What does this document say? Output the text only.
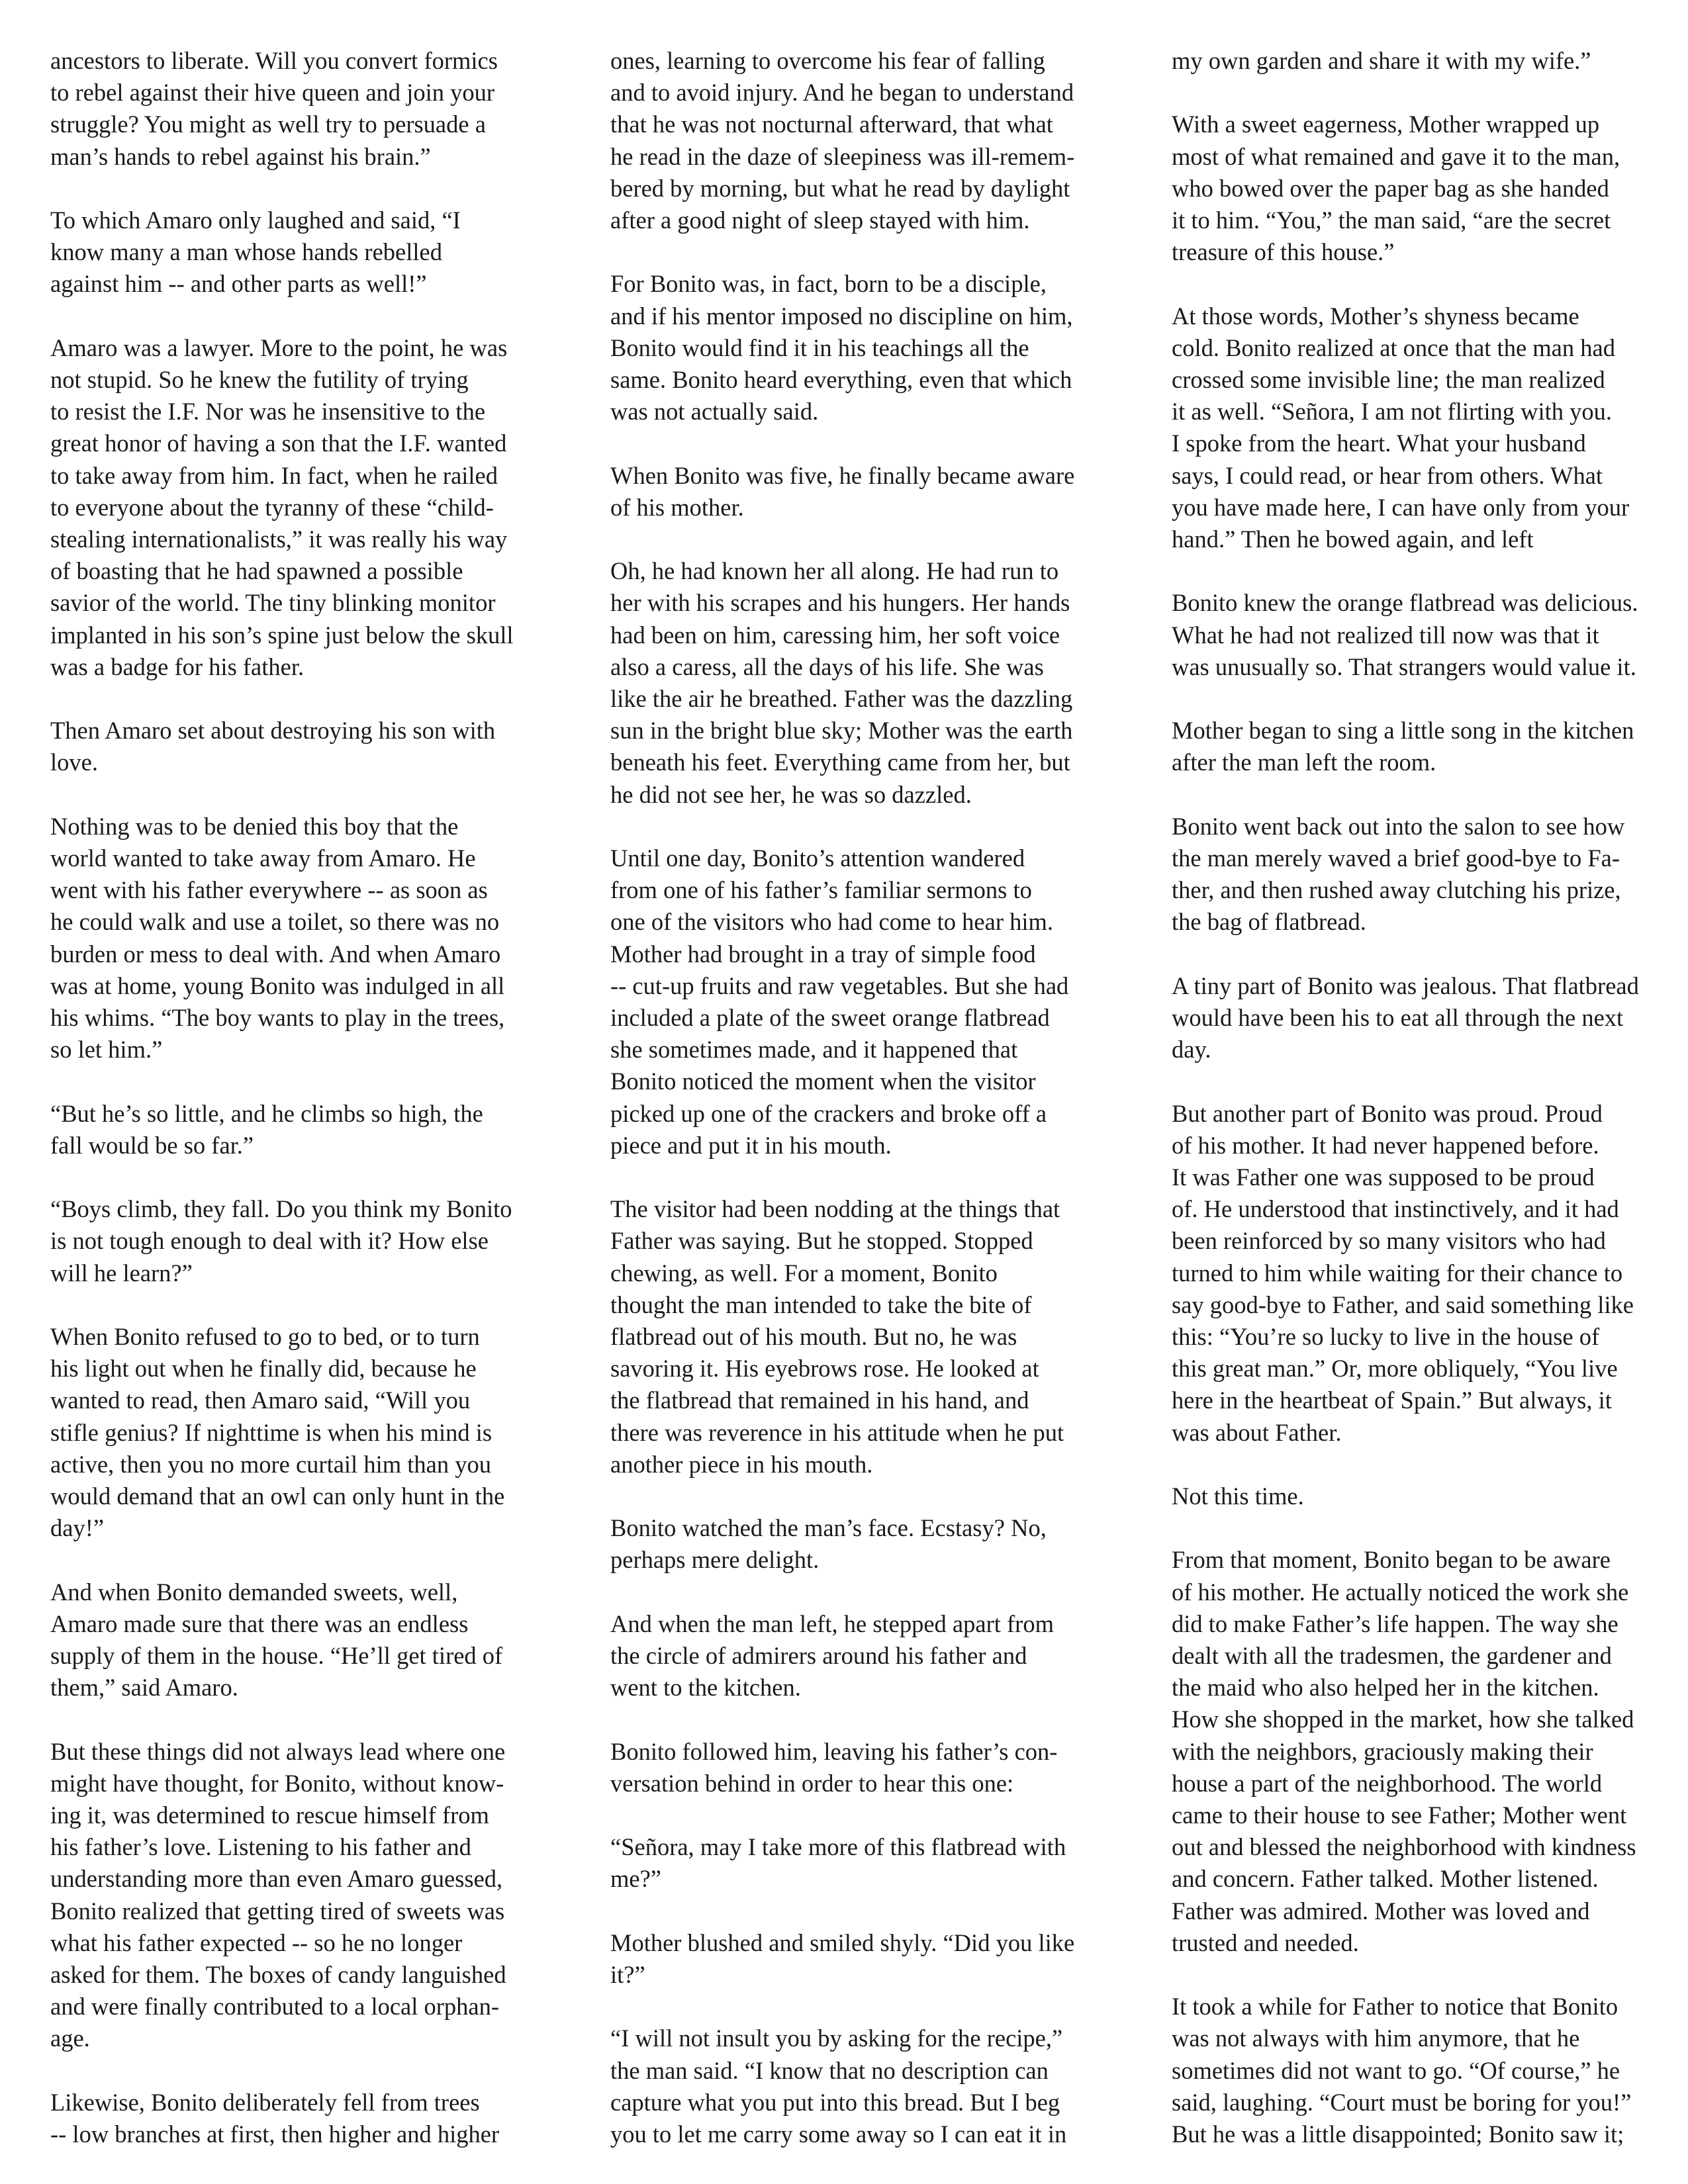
ancestors to liberate. Will you convert formics
to rebel against their hive queen and join your
struggle? You might as well try to persuade a
man’s hands to rebel against his brain.”

To which Amaro only laughed and said, “I
know many a man whose hands rebelled
against him -- and other parts as well!”

Amaro was a lawyer. More to the point, he was
not stupid. So he knew the futility of trying
to resist the I.F. Nor was he insensitive to the
great honor of having a son that the I.F. wanted
to take away from him. In fact, when he railed
to everyone about the tyranny of these “child-
stealing internationalists,” it was really his way
of boasting that he had spawned a possible
savior of the world. The tiny blinking monitor
implanted in his son’s spine just below the skull
was a badge for his father.

Then Amaro set about destroying his son with
love.

Nothing was to be denied this boy that the
world wanted to take away from Amaro. He
went with his father everywhere -- as soon as
he could walk and use a toilet, so there was no
burden or mess to deal with. And when Amaro
was at home, young Bonito was indulged in all
his whims. “The boy wants to play in the trees,
so let him.”

“But he’s so little, and he climbs so high, the
fall would be so far.”

“Boys climb, they fall. Do you think my Bonito
is not tough enough to deal with it? How else
will he learn?”

When Bonito refused to go to bed, or to turn
his light out when he finally did, because he
wanted to read, then Amaro said, “Will you
stifle genius? If nighttime is when his mind is
active, then you no more curtail him than you
would demand that an owl can only hunt in the
day!”

And when Bonito demanded sweets, well,
Amaro made sure that there was an endless
supply of them in the house. “He’ll get tired of
them,” said Amaro.

But these things did not always lead where one
might have thought, for Bonito, without know-
ing it, was determined to rescue himself from
his father’s love. Listening to his father and
understanding more than even Amaro guessed,
Bonito realized that getting tired of sweets was
what his father expected -- so he no longer
asked for them. The boxes of candy languished
and were finally contributed to a local orphan-
age.

Likewise, Bonito deliberately fell from trees
-- low branches at first, then higher and higher

ones, learning to overcome his fear of falling
and to avoid injury. And he began to understand
that he was not nocturnal afterward, that what
he read in the daze of sleepiness was ill-remem-
bered by morning, but what he read by daylight
after a good night of sleep stayed with him.

For Bonito was, in fact, born to be a disciple,
and if his mentor imposed no discipline on him,
Bonito would find it in his teachings all the
same. Bonito heard everything, even that which
was not actually said.

When Bonito was five, he finally became aware
of his mother.

Oh, he had known her all along. He had run to
her with his scrapes and his hungers. Her hands
had been on him, caressing him, her soft voice
also a caress, all the days of his life. She was
like the air he breathed. Father was the dazzling
sun in the bright blue sky; Mother was the earth
beneath his feet. Everything came from her, but
he did not see her, he was so dazzled.

Until one day, Bonito’s attention wandered
from one of his father’s familiar sermons to
one of the visitors who had come to hear him.
Mother had brought in a tray of simple food
-- cut-up fruits and raw vegetables. But she had
included a plate of the sweet orange flatbread
she sometimes made, and it happened that
Bonito noticed the moment when the visitor
picked up one of the crackers and broke off a
piece and put it in his mouth.

The visitor had been nodding at the things that
Father was saying. But he stopped. Stopped
chewing, as well. For a moment, Bonito
thought the man intended to take the bite of
flatbread out of his mouth. But no, he was
savoring it. His eyebrows rose. He looked at
the flatbread that remained in his hand, and
there was reverence in his attitude when he put
another piece in his mouth.

Bonito watched the man’s face. Ecstasy? No,
perhaps mere delight.

And when the man left, he stepped apart from
the circle of admirers around his father and
went to the kitchen.

Bonito followed him, leaving his father’s con-
versation behind in order to hear this one:

“Señora, may I take more of this flatbread with
me?”

Mother blushed and smiled shyly. “Did you like
it?”

“I will not insult you by asking for the recipe,”
the man said. “I know that no description can
capture what you put into this bread. But I beg
you to let me carry some away so I can eat it in

my own garden and share it with my wife.”

With a sweet eagerness, Mother wrapped up
most of what remained and gave it to the man,
who bowed over the paper bag as she handed
it to him. “You,” the man said, “are the secret
treasure of this house.”

At those words, Mother’s shyness became
cold. Bonito realized at once that the man had
crossed some invisible line; the man realized
it as well. “Señora, I am not flirting with you.
I spoke from the heart. What your husband
says, I could read, or hear from others. What
you have made here, I can have only from your
hand.” Then he bowed again, and left

Bonito knew the orange flatbread was delicious.
What he had not realized till now was that it
was unusually so. That strangers would value it.

Mother began to sing a little song in the kitchen
after the man left the room.

Bonito went back out into the salon to see how
the man merely waved a brief good-bye to Fa-
ther, and then rushed away clutching his prize,
the bag of flatbread.

A tiny part of Bonito was jealous. That flatbread
would have been his to eat all through the next
day.

But another part of Bonito was proud. Proud
of his mother. It had never happened before.
It was Father one was supposed to be proud
of. He understood that instinctively, and it had
been reinforced by so many visitors who had
turned to him while waiting for their chance to
say good-bye to Father, and said something like
this: “You’re so lucky to live in the house of
this great man.” Or, more obliquely, “You live
here in the heartbeat of Spain.” But always, it
was about Father.

Not this time.

From that moment, Bonito began to be aware
of his mother. He actually noticed the work she
did to make Father’s life happen. The way she
dealt with all the tradesmen, the gardener and
the maid who also helped her in the kitchen.
How she shopped in the market, how she talked
with the neighbors, graciously making their
house a part of the neighborhood. The world
came to their house to see Father; Mother went
out and blessed the neighborhood with kindness
and concern. Father talked. Mother listened.
Father was admired. Mother was loved and
trusted and needed.

It took a while for Father to notice that Bonito
was not always with him anymore, that he
sometimes did not want to go. “Of course,” he
said, laughing. “Court must be boring for you!”
But he was a little disappointed; Bonito saw it;
